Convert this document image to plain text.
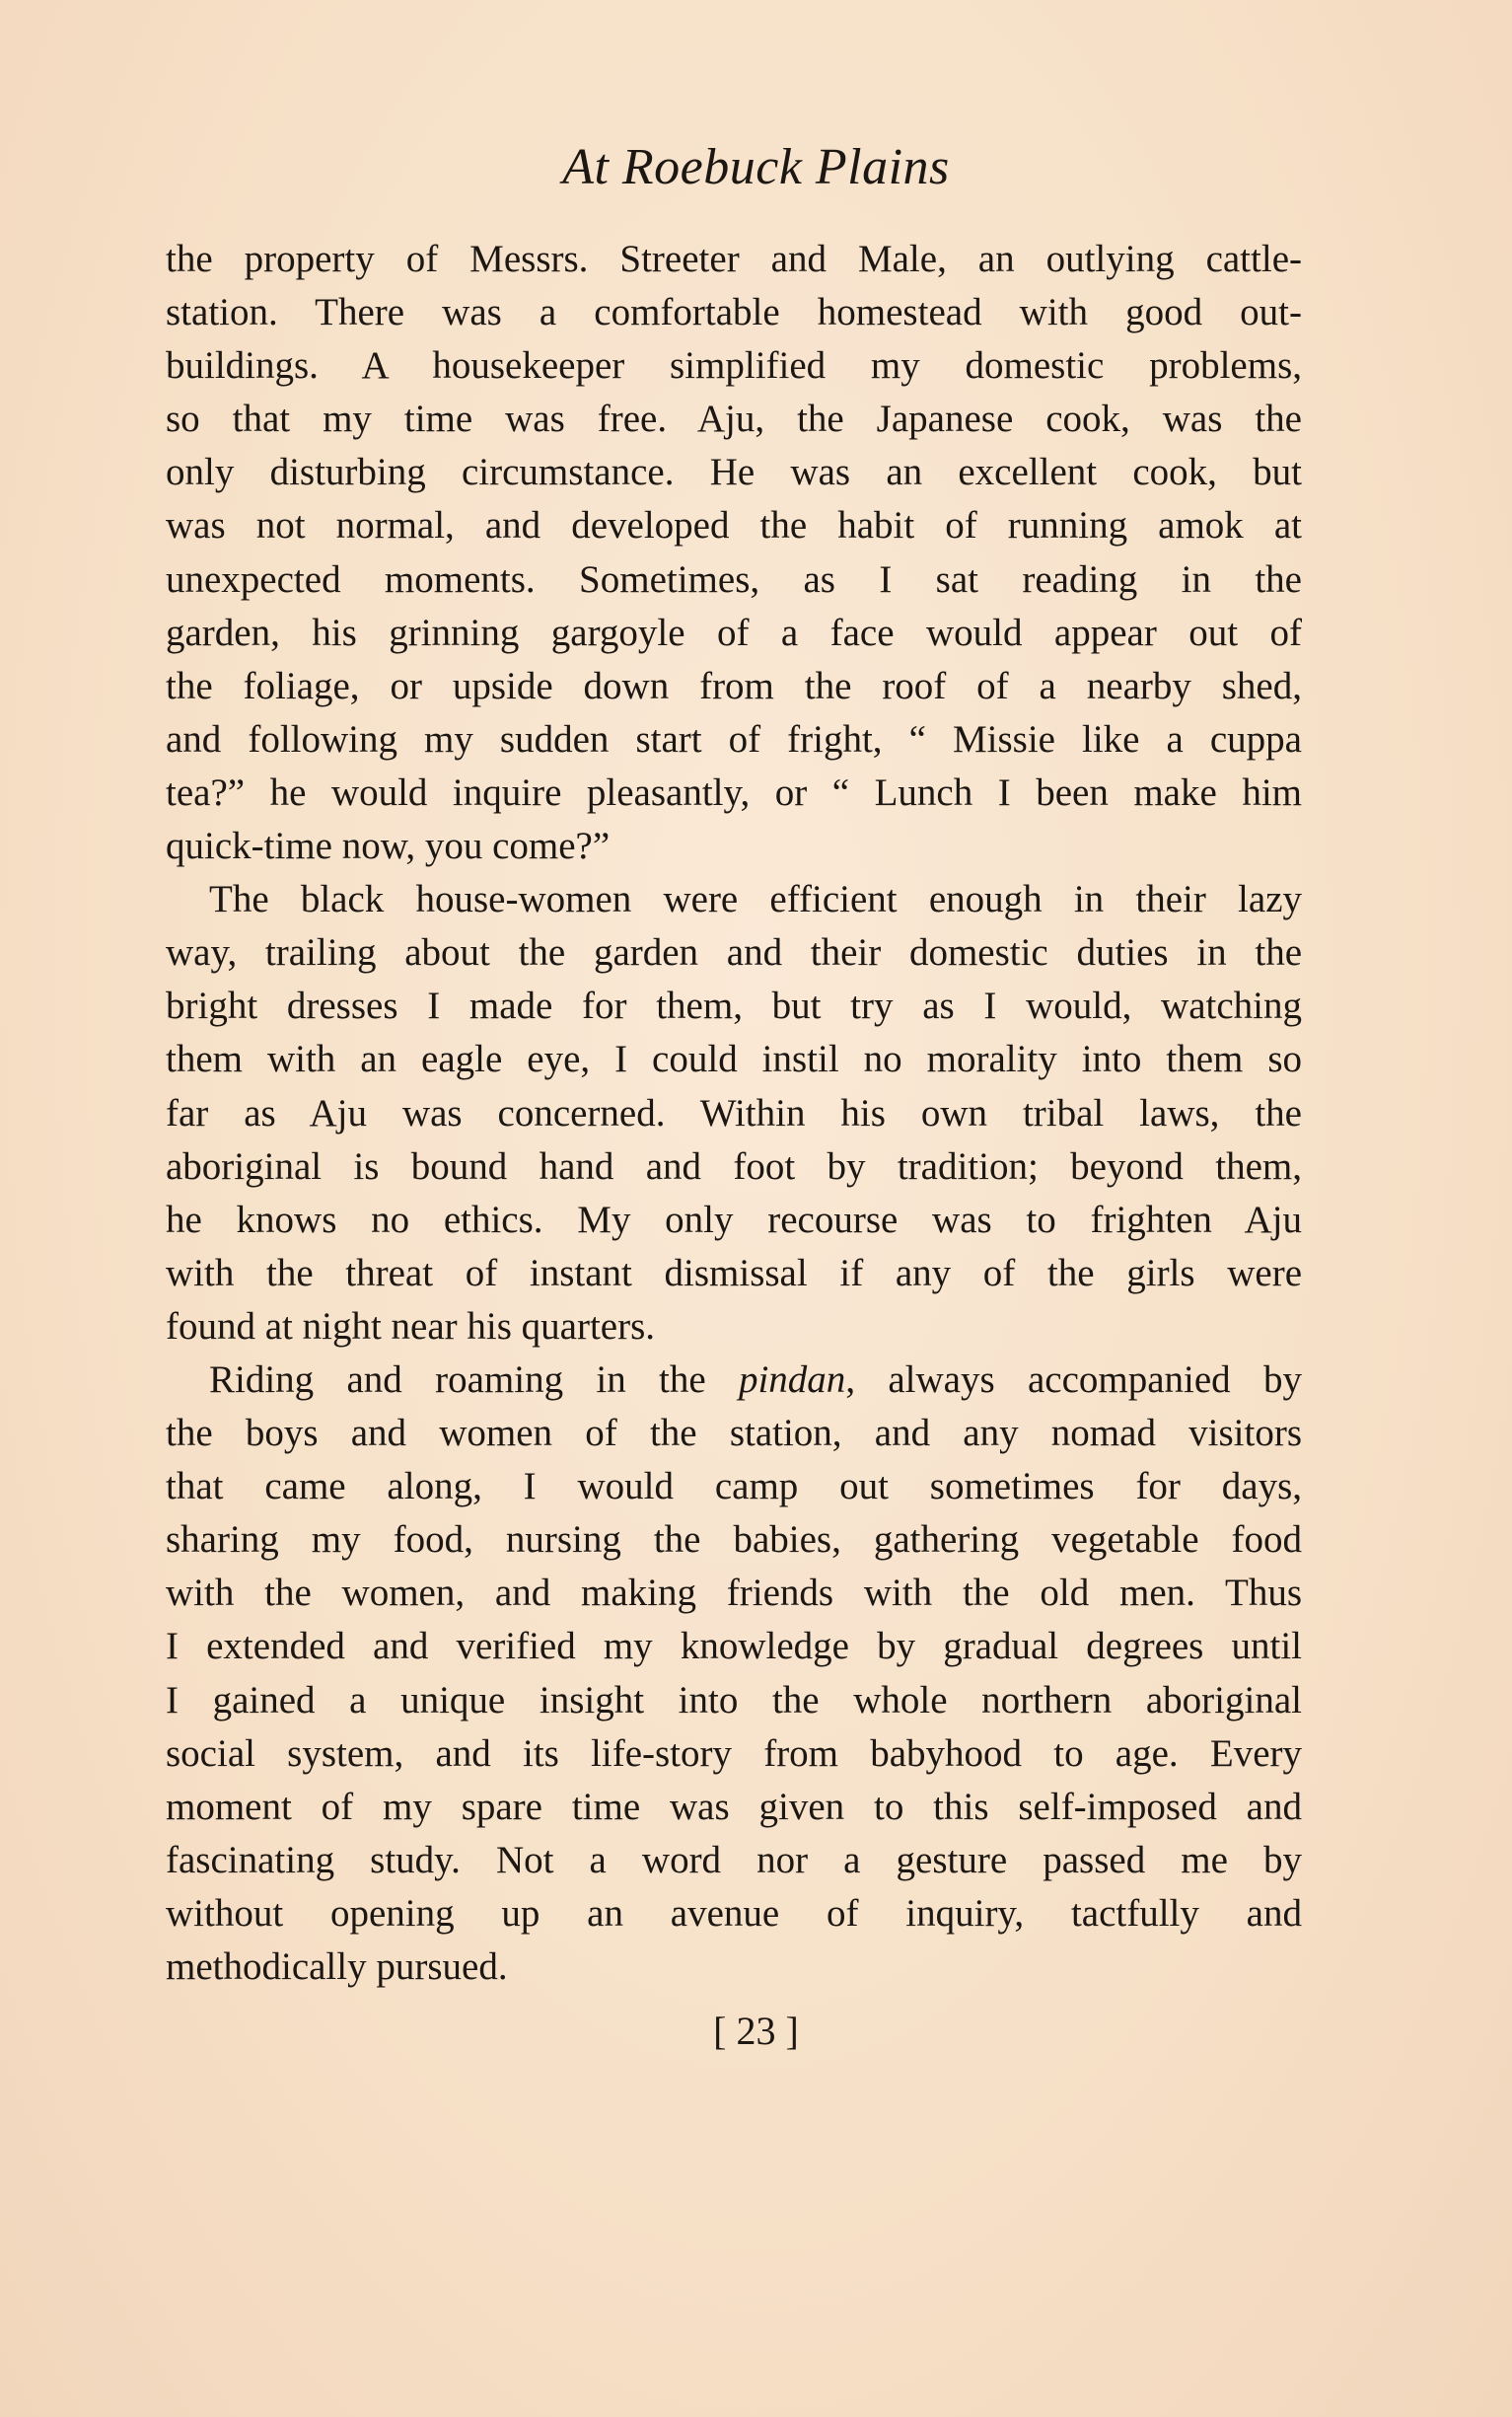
At Roebuck Plains
the property of Messrs. Streeter and Male, an outlying cattle-
station. There was a comfortable homestead with good out-
buildings. A housekeeper simplified my domestic problems,
so that my time was free. Aju, the Japanese cook, was the
only disturbing circumstance. He was an excellent cook, but
was not normal, and developed the habit of running amok at
unexpected moments. Sometimes, as I sat reading in the
garden, his grinning gargoyle of a face would appear out of
the foliage, or upside down from the roof of a nearby shed,
and following my sudden start of fright, “ Missie like a cuppa
tea?” he would inquire pleasantly, or “ Lunch I been make him
quick-time now, you come?”
The black house-women were efficient enough in their lazy
way, trailing about the garden and their domestic duties in the
bright dresses I made for them, but try as I would, watching
them with an eagle eye, I could instil no morality into them so
far as Aju was concerned. Within his own tribal laws, the
aboriginal is bound hand and foot by tradition; beyond them,
he knows no ethics. My only recourse was to frighten Aju
with the threat of instant dismissal if any of the girls were
found at night near his quarters.
Riding and roaming in the pindan, always accompanied by
the boys and women of the station, and any nomad visitors
that came along, I would camp out sometimes for days,
sharing my food, nursing the babies, gathering vegetable food
with the women, and making friends with the old men. Thus
I extended and verified my knowledge by gradual degrees until
I gained a unique insight into the whole northern aboriginal
social system, and its life-story from babyhood to age. Every
moment of my spare time was given to this self-imposed and
fascinating study. Not a word nor a gesture passed me by
without opening up an avenue of inquiry, tactfully and
methodically pursued.
[ 23 ]
